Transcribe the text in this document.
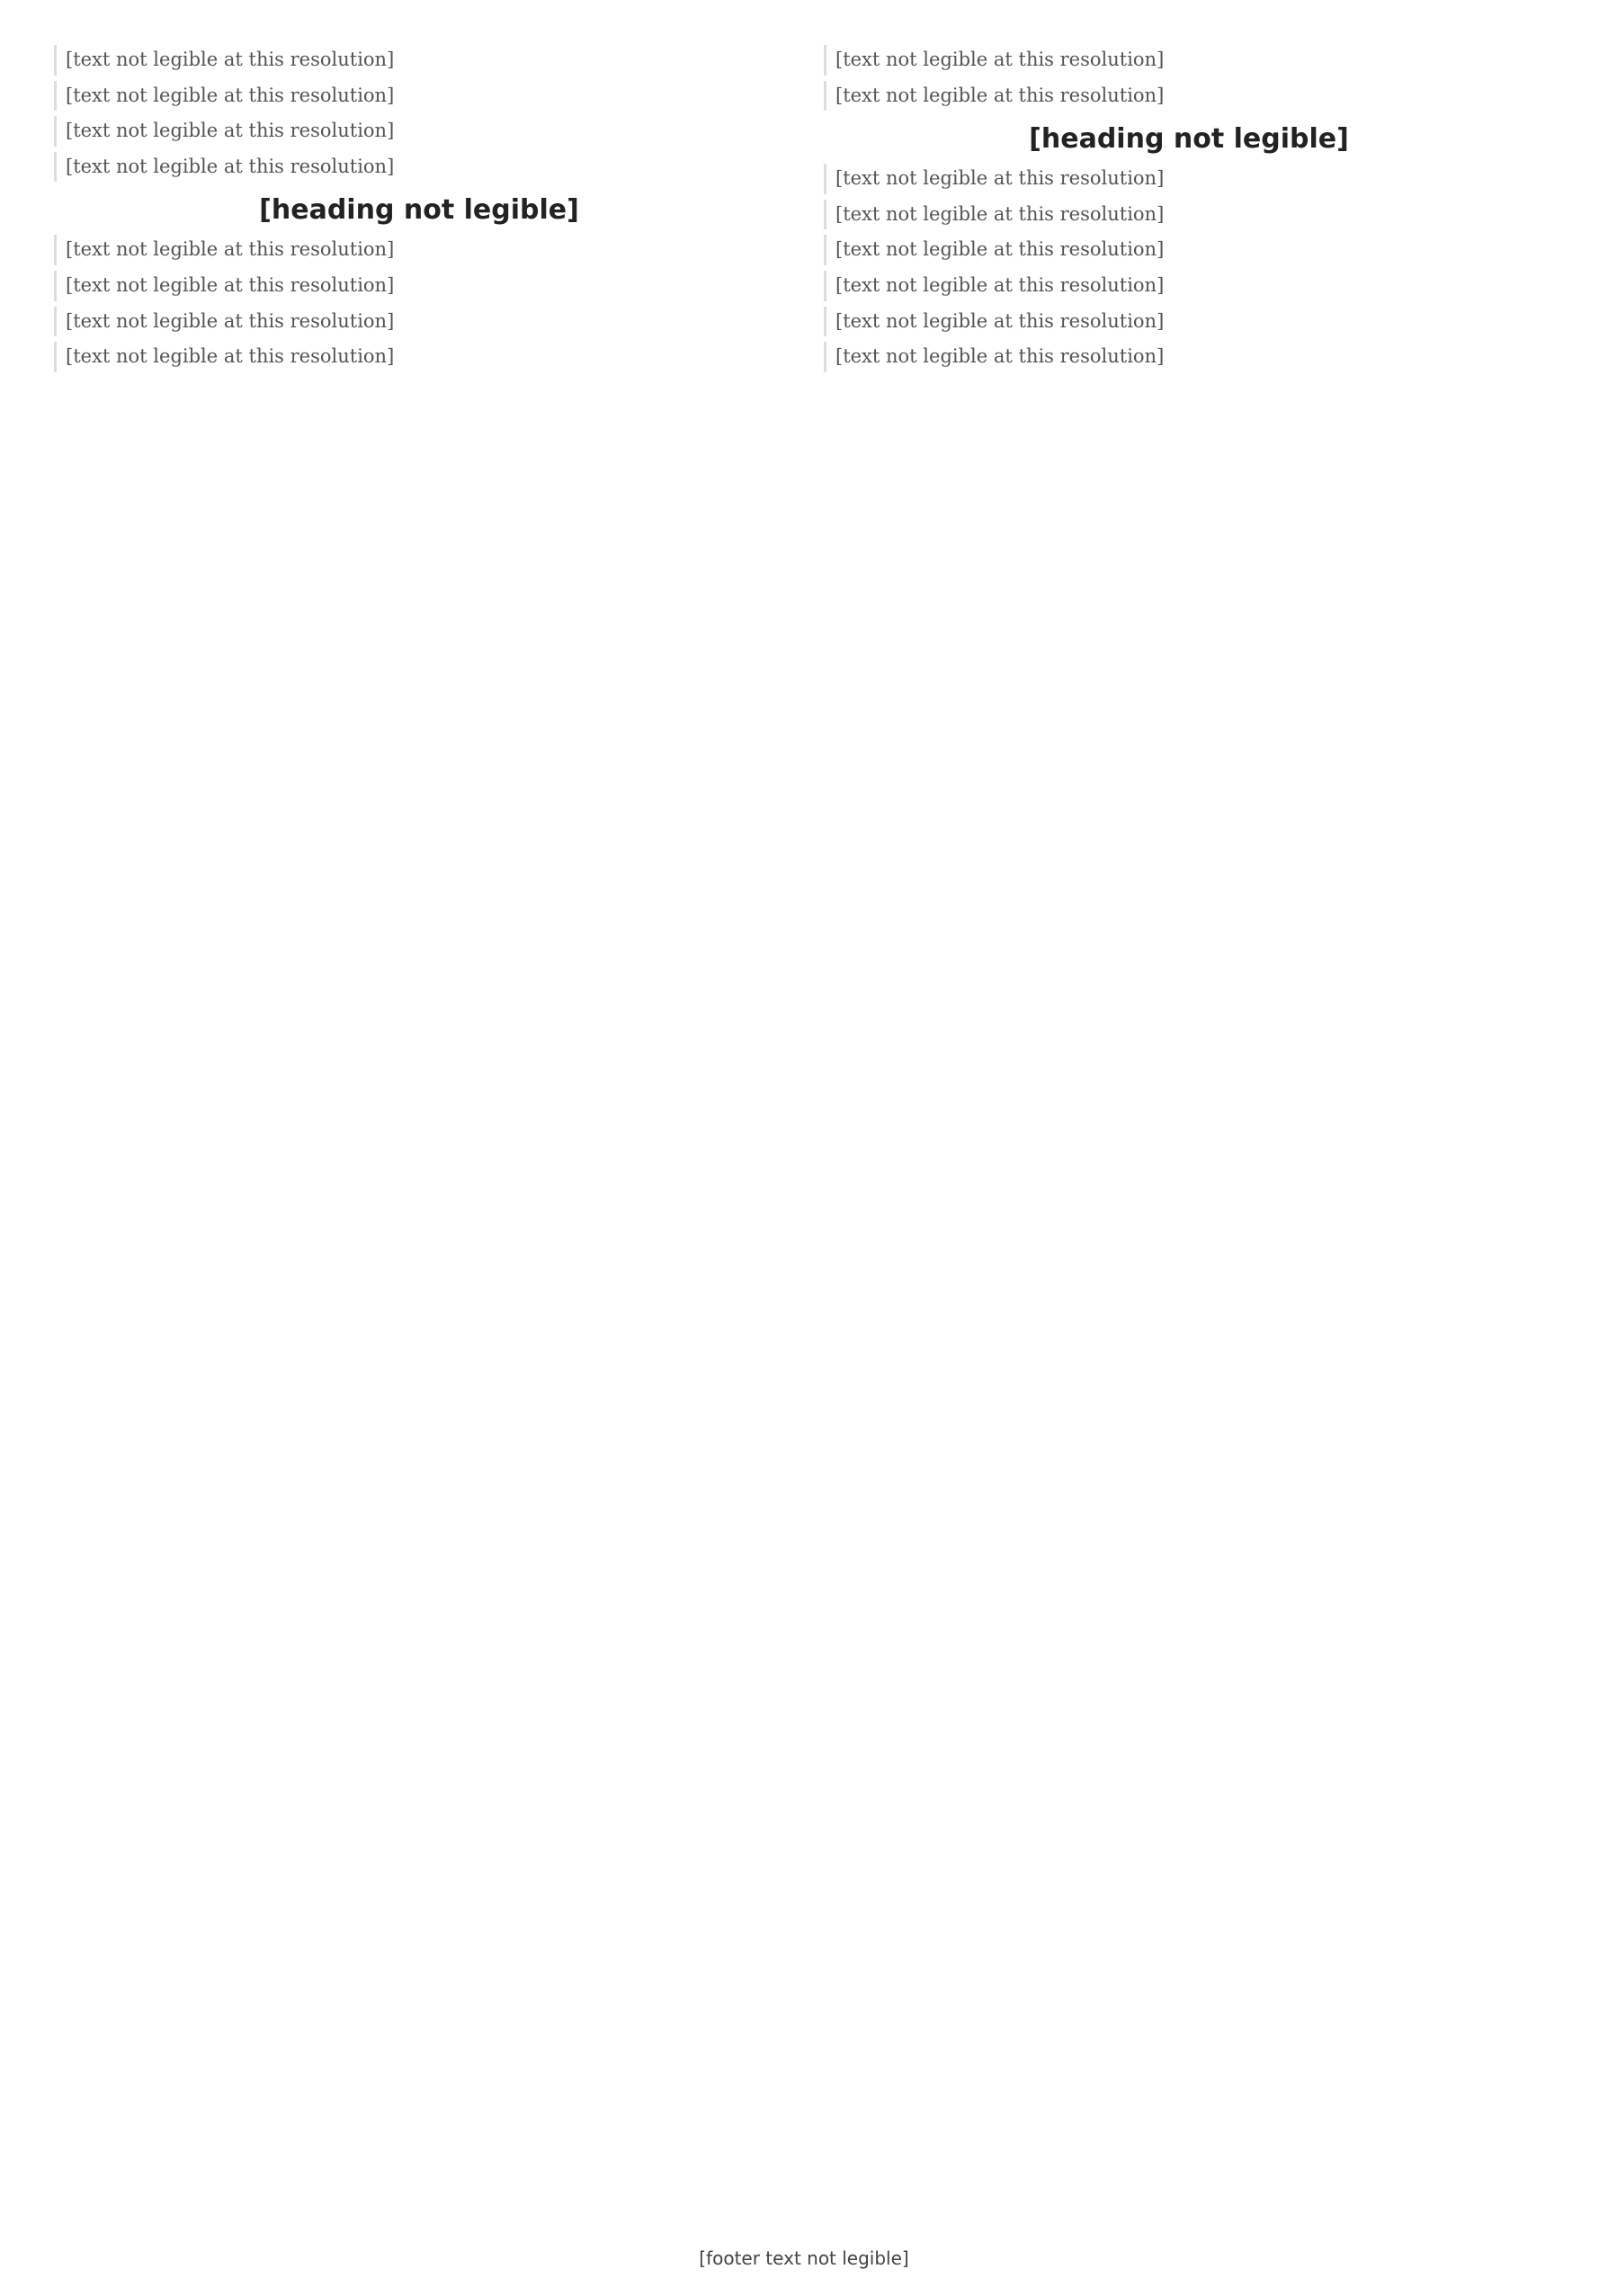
[text not legible at this resolution]

[text not legible at this resolution]

[text not legible at this resolution]

[text not legible at this resolution]

[heading not legible]

[text not legible at this resolution]

[text not legible at this resolution]

[text not legible at this resolution]

[text not legible at this resolution]

[text not legible at this resolution]

[text not legible at this resolution]

[heading not legible]

[text not legible at this resolution]

[text not legible at this resolution]

[text not legible at this resolution]

[text not legible at this resolution]

[text not legible at this resolution]

[text not legible at this resolution]

[footer text not legible]
